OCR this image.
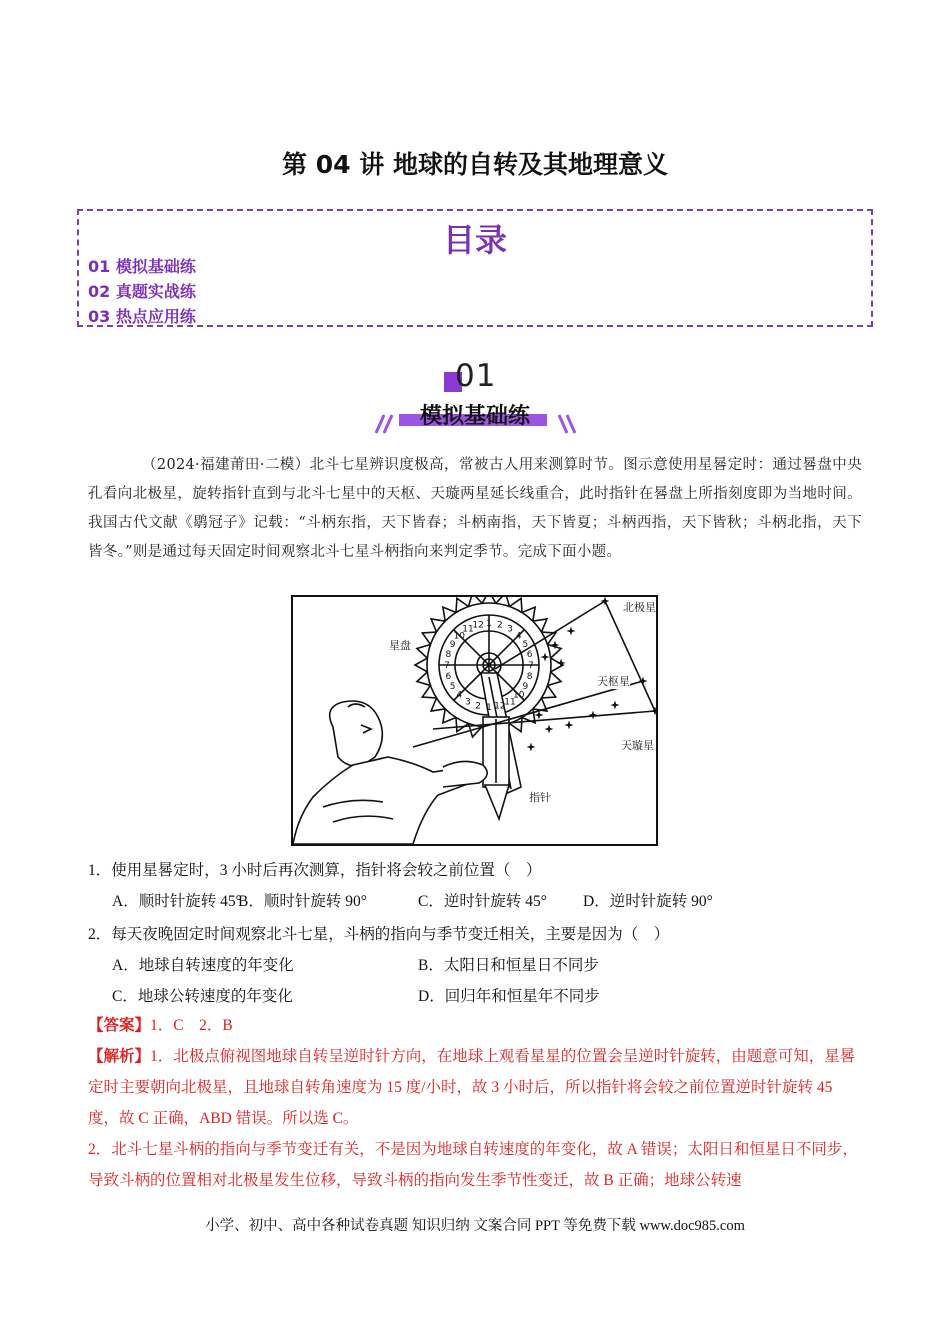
第 04 讲 地球的自转及其地理意义
目录
01 模拟基础练
02 真题实战练
03 热点应用练
01
模拟基础练
（2024·福建莆田·二模）北斗七星辨识度极高，常被古人用来测算时节。图示意使用星晷定时：通过晷盘中央孔看向北极星，旋转指针直到与北斗七星中的天枢、天璇两星延长线重合，此时指针在晷盘上所指刻度即为当地时间。我国古代文献《鹖冠子》记载：“斗柄东指，天下皆春；斗柄南指，天下皆夏；斗柄西指，天下皆秋；斗柄北指，天下皆冬。”则是通过每天固定时间观察北斗七星斗柄指向来判定季节。完成下面小题。
1 2 3
4
5
6
7
8
9
10
11
12
1
2
3
4
5
6
7
8
9
10
11
12
星盘
北极星
天枢星
天璇星
指针
1．使用星晷定时，3 小时后再次测算，指针将会较之前位置（　）
A．顺时针旋转 45°
B．顺时针旋转 90°	C．逆时针旋转 45° D．逆时针旋转 90°
2．每天夜晚固定时间观察北斗七星，斗柄的指向与季节变迁相关，主要是因为（　）
A．地球自转速度的年变化	B．太阳日和恒星日不同步
C．地球公转速度的年变化	D．回归年和恒星年不同步
【答案】1．C　2．B
【解析】1．北极点俯视图地球自转呈逆时针方向，在地球上观看星星的位置会呈逆时针旋转，由题意可知，星晷定时主要朝向北极星，且地球自转角速度为 15 度/小时，故 3 小时后，所以指针将会较之前位置逆时针旋转 45 度，故 C 正确，ABD 错误。所以选 C。
2．北斗七星斗柄的指向与季节变迁有关，不是因为地球自转速度的年变化，故 A 错误；太阳日和恒星日不同步，导致斗柄的位置相对北极星发生位移，导致斗柄的指向发生季节性变迁，故 B 正确；地球公转速
小学、初中、高中各种试卷真题 知识归纳 文案合同 PPT 等免费下载 www.doc985.com
